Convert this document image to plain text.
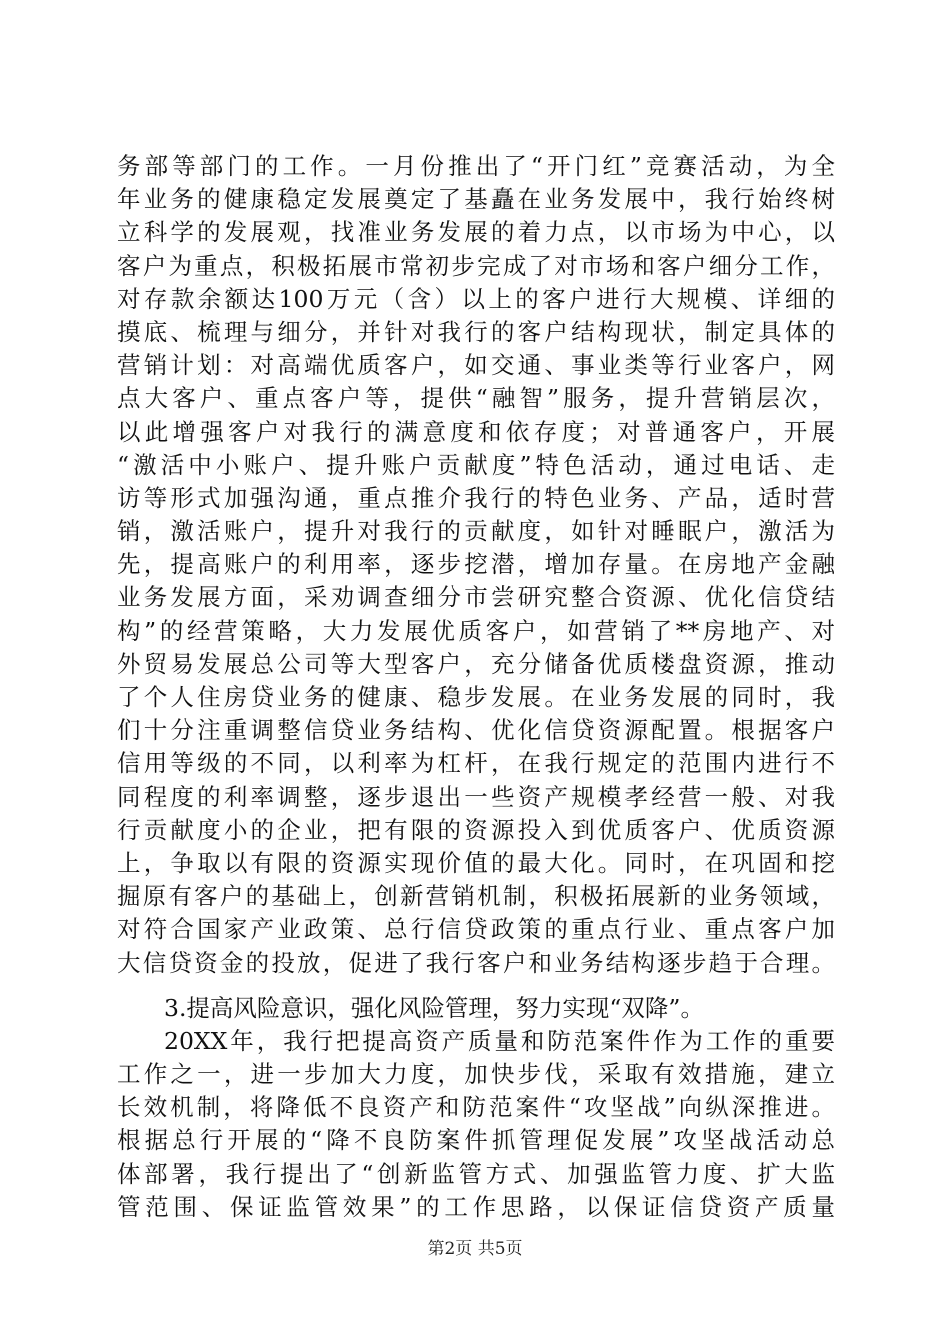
务部等部门的工作。一月份推出了“开门红”竞赛活动，为全
年业务的健康稳定发展奠定了基矗在业务发展中，我行始终树
立科学的发展观，找准业务发展的着力点，以市场为中心，以
客户为重点，积极拓展市常初步完成了对市场和客户细分工作，
对存款余额达100万元（含）以上的客户进行大规模、详细的
摸底、梳理与细分，并针对我行的客户结构现状，制定具体的
营销计划：对高端优质客户，如交通、事业类等行业客户，网
点大客户、重点客户等，提供“融智”服务，提升营销层次，
以此增强客户对我行的满意度和依存度；对普通客户，开展
“激活中小账户、提升账户贡献度”特色活动，通过电话、走
访等形式加强沟通，重点推介我行的特色业务、产品，适时营
销，激活账户，提升对我行的贡献度，如针对睡眠户，激活为
先，提高账户的利用率，逐步挖潜，增加存量。在房地产金融
业务发展方面，采劝调查细分市尝研究整合资源、优化信贷结
构”的经营策略，大力发展优质客户，如营销了**房地产、对
外贸易发展总公司等大型客户，充分储备优质楼盘资源，推动
了个人住房贷业务的健康、稳步发展。在业务发展的同时，我
们十分注重调整信贷业务结构、优化信贷资源配置。根据客户
信用等级的不同，以利率为杠杆，在我行规定的范围内进行不
同程度的利率调整，逐步退出一些资产规模孝经营一般、对我
行贡献度小的企业，把有限的资源投入到优质客户、优质资源
上，争取以有限的资源实现价值的最大化。同时，在巩固和挖
掘原有客户的基础上，创新营销机制，积极拓展新的业务领域，
对符合国家产业政策、总行信贷政策的重点行业、重点客户加
大信贷资金的投放，促进了我行客户和业务结构逐步趋于合理。
3.提高风险意识，强化风险管理，努力实现“双降”。
20XX年，我行把提高资产质量和防范案件作为工作的重要
工作之一，进一步加大力度，加快步伐，采取有效措施，建立
长效机制，将降低不良资产和防范案件“攻坚战”向纵深推进。
根据总行开展的“降不良防案件抓管理促发展”攻坚战活动总
体部署，我行提出了“创新监管方式、加强监管力度、扩大监
管范围、保证监管效果”的工作思路，以保证信贷资产质量
第2页 共5页
